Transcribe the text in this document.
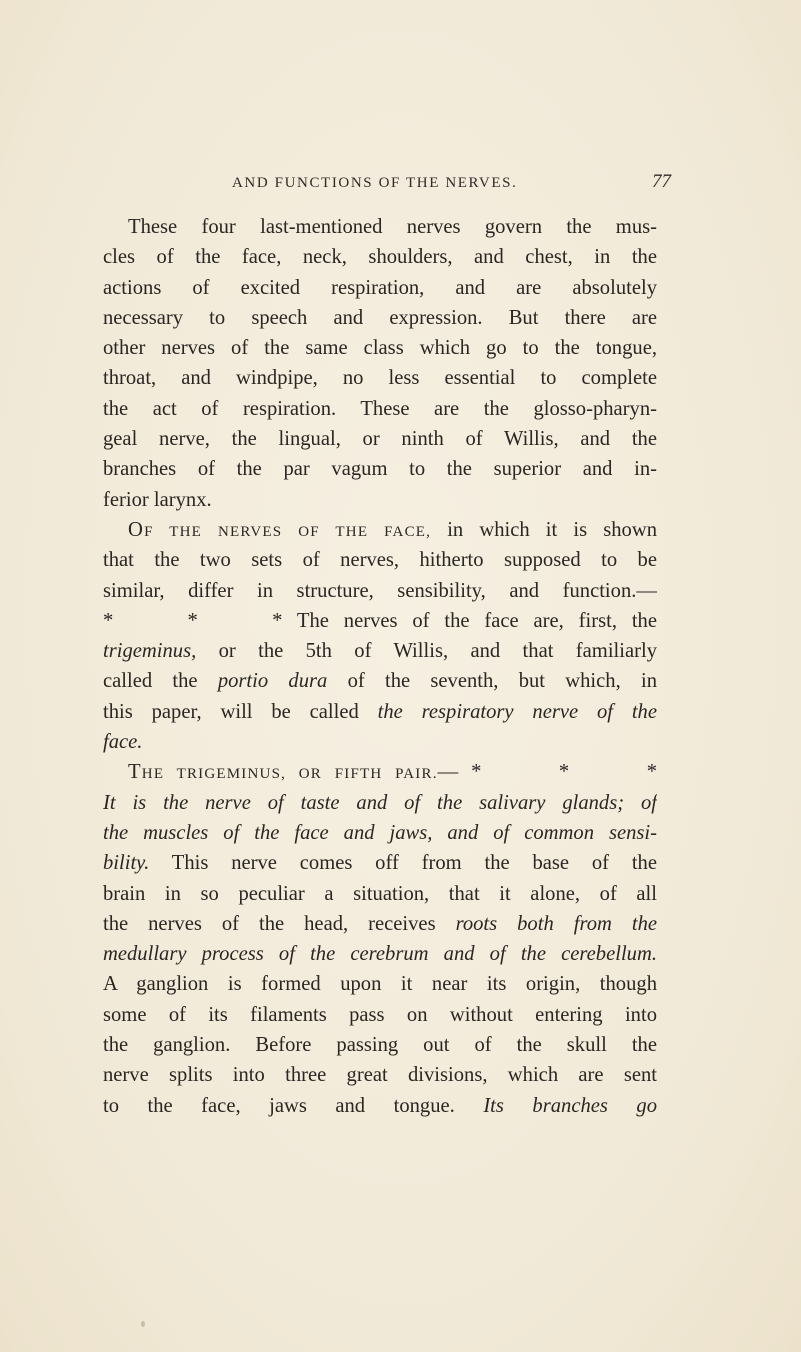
AND FUNCTIONS OF THE NERVES.	77
These four last-mentioned nerves govern the mus-
cles of the face, neck, shoulders, and chest, in the
actions of excited respiration, and are absolutely
necessary to speech and expression. But there are
other nerves of the same class which go to the tongue,
throat, and windpipe, no less essential to complete
the act of respiration. These are the glosso-pharyn-
geal nerve, the lingual, or ninth of Willis, and the
branches of the par vagum to the superior and in-
ferior larynx.
OF THE NERVES OF THE FACE, in which it is shown
that the two sets of nerves, hitherto supposed to be
similar, differ in structure, sensibility, and function.—
*     *     * The nerves of the face are, first, the
trigeminus, or the 5th of Willis, and that familiarly
called the portio dura of the seventh, but which, in
this paper, will be called the respiratory nerve of the
face.
THE TRIGEMINUS, OR FIFTH PAIR.— *      *      *
It is the nerve of taste and of the salivary glands; of
the muscles of the face and jaws, and of common sensi-
bility. This nerve comes off from the base of the
brain in so peculiar a situation, that it alone, of all
the nerves of the head, receives roots both from the
medullary process of the cerebrum and of the cerebellum.
A ganglion is formed upon it near its origin, though
some of its filaments pass on without entering into
the ganglion. Before passing out of the skull the
nerve splits into three great divisions, which are sent
to the face, jaws and tongue. Its branches go
